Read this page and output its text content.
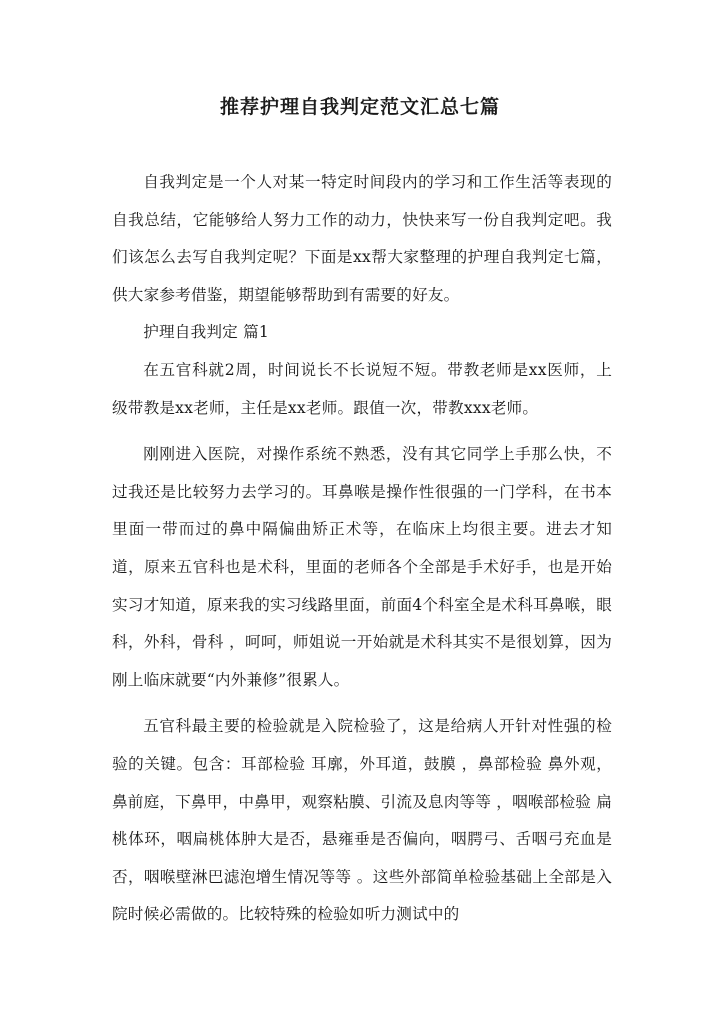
推荐护理自我判定范文汇总七篇

自我判定是一个人对某一特定时间段内的学习和工作生活等表现的自我总结，它能够给人努力工作的动力，快快来写一份自我判定吧。我们该怎么去写自我判定呢？下面是xx帮大家整理的护理自我判定七篇，供大家参考借鉴，期望能够帮助到有需要的好友。

护理自我判定 篇1

在五官科就2周，时间说长不长说短不短。带教老师是xx医师，上级带教是xx老师，主任是xx老师。跟值一次，带教xxx老师。

刚刚进入医院，对操作系统不熟悉，没有其它同学上手那么快，不过我还是比较努力去学习的。耳鼻喉是操作性很强的一门学科，在书本里面一带而过的鼻中隔偏曲矫正术等，在临床上均很主要。进去才知道，原来五官科也是术科，里面的老师各个全部是手术好手，也是开始实习才知道，原来我的实习线路里面，前面4个科室全是术科耳鼻喉，眼科，外科，骨科 ，呵呵，师姐说一开始就是术科其实不是很划算，因为刚上临床就要“内外兼修”很累人。

五官科最主要的检验就是入院检验了，这是给病人开针对性强的检验的关键。包含：耳部检验 耳廓，外耳道，鼓膜 ，鼻部检验 鼻外观，鼻前庭，下鼻甲，中鼻甲，观察粘膜、引流及息肉等等 ，咽喉部检验 扁桃体环，咽扁桃体肿大是否，悬雍垂是否偏向，咽腭弓、舌咽弓充血是否，咽喉壁淋巴滤泡增生情况等等 。这些外部简单检验基础上全部是入院时候必需做的。比较特殊的检验如听力测试中的
